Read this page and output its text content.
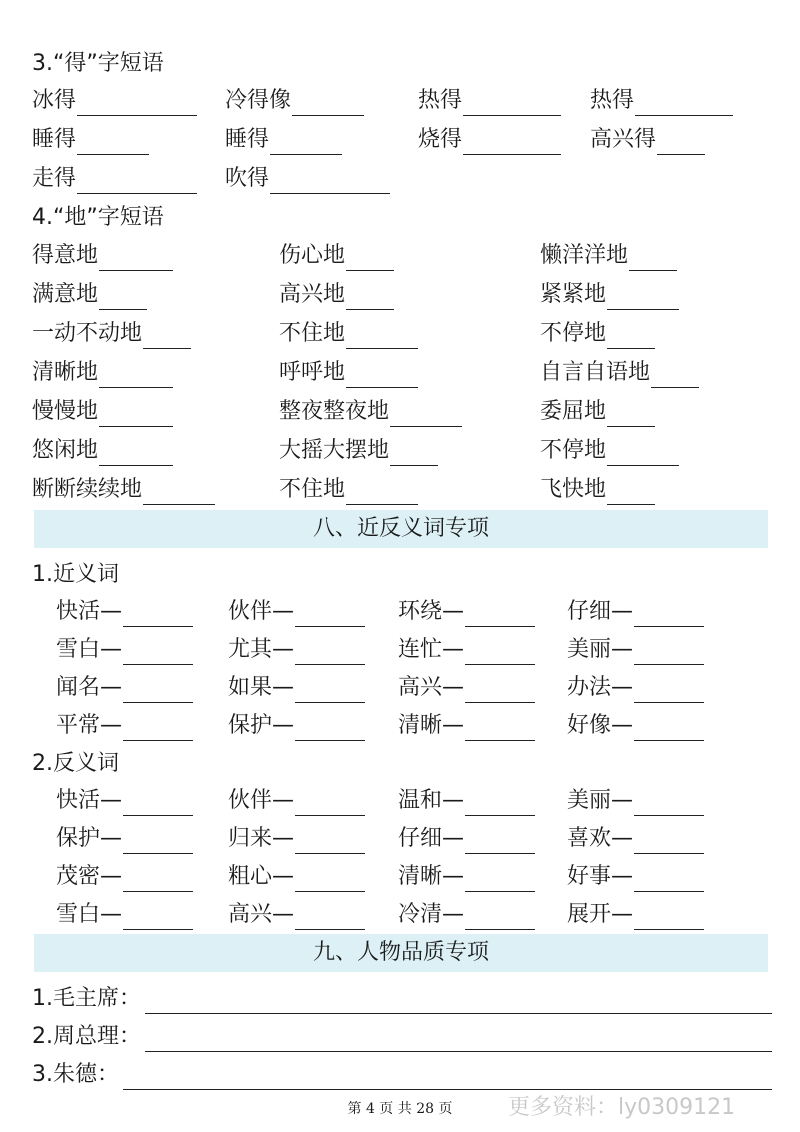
3.“得”字短语
冰得	冷得像	热得	热得
睡得	睡得	烧得	高兴得
走得	吹得
4.“地”字短语
得意地	伤心地	懒洋洋地
满意地	高兴地	紧紧地
一动不动地	不住地	不停地
清晰地	呼呼地	自言自语地
慢慢地	整夜整夜地	委屈地
悠闲地	大摇大摆地	不停地
断断续续地	不住地	飞快地
八、近反义词专项
1.近义词
快活—	伙伴—	环绕—	仔细—
雪白—	尤其—	连忙—	美丽—
闻名—	如果—	高兴—	办法—
平常—	保护—	清晰—	好像—
2.反义词
快活—	伙伴—	温和—	美丽—
保护—	归来—	仔细—	喜欢—
茂密—	粗心—	清晰—	好事—
雪白—	高兴—	冷清—	展开—
九、人物品质专项
1.毛主席：
2.周总理：
3.朱德：
第 4 页 共 28 页	更多资料：ly0309121
